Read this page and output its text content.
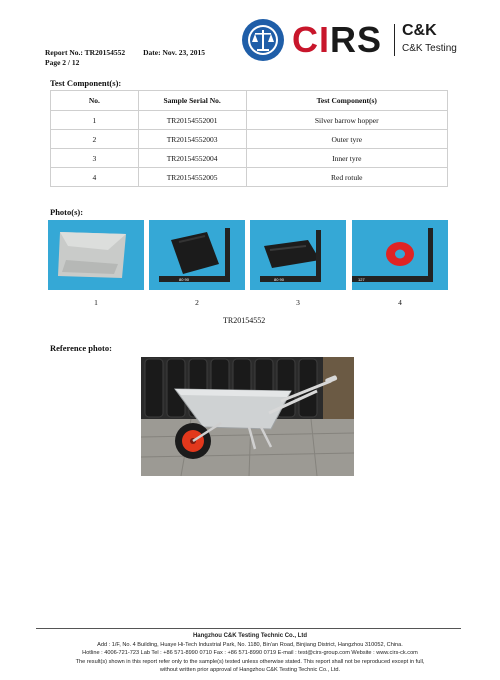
CIRS C&K
C&K Testing
Report No.: TR20154552 Date: Nov. 23, 2015
Page 2 / 12
Test Component(s):
No.	Sample Serial No.	Test Component(s)
1	TR20154552001	Silver barrow hopper
2	TR20154552003	Outer tyre
3	TR20154552004	Inner tyre
4	TR20154552005	Red rotule
Photo(s):
80 90	80 90	127
1	2	3	4
TR20154552
Reference photo:
Hangzhou C&K Testing Technic Co., Ltd
Add : 1/F, No. 4 Building, Huaye Hi-Tech Industrial Park, No. 1180, Bin'an Road, Binjiang District, Hangzhou 310052, China.
Hotline : 4006-721-723 Lab Tel : +86 571-8990 0710 Fax : +86 571-8990 0719 E-mail : test@cirs-group.com Website : www.cirs-ck.com
The result(s) shown in this report refer only to the sample(s) tested unless otherwise stated. This report shall not be reproduced except in full,
without written prior approval of Hangzhou C&K Testing Technic Co., Ltd.
